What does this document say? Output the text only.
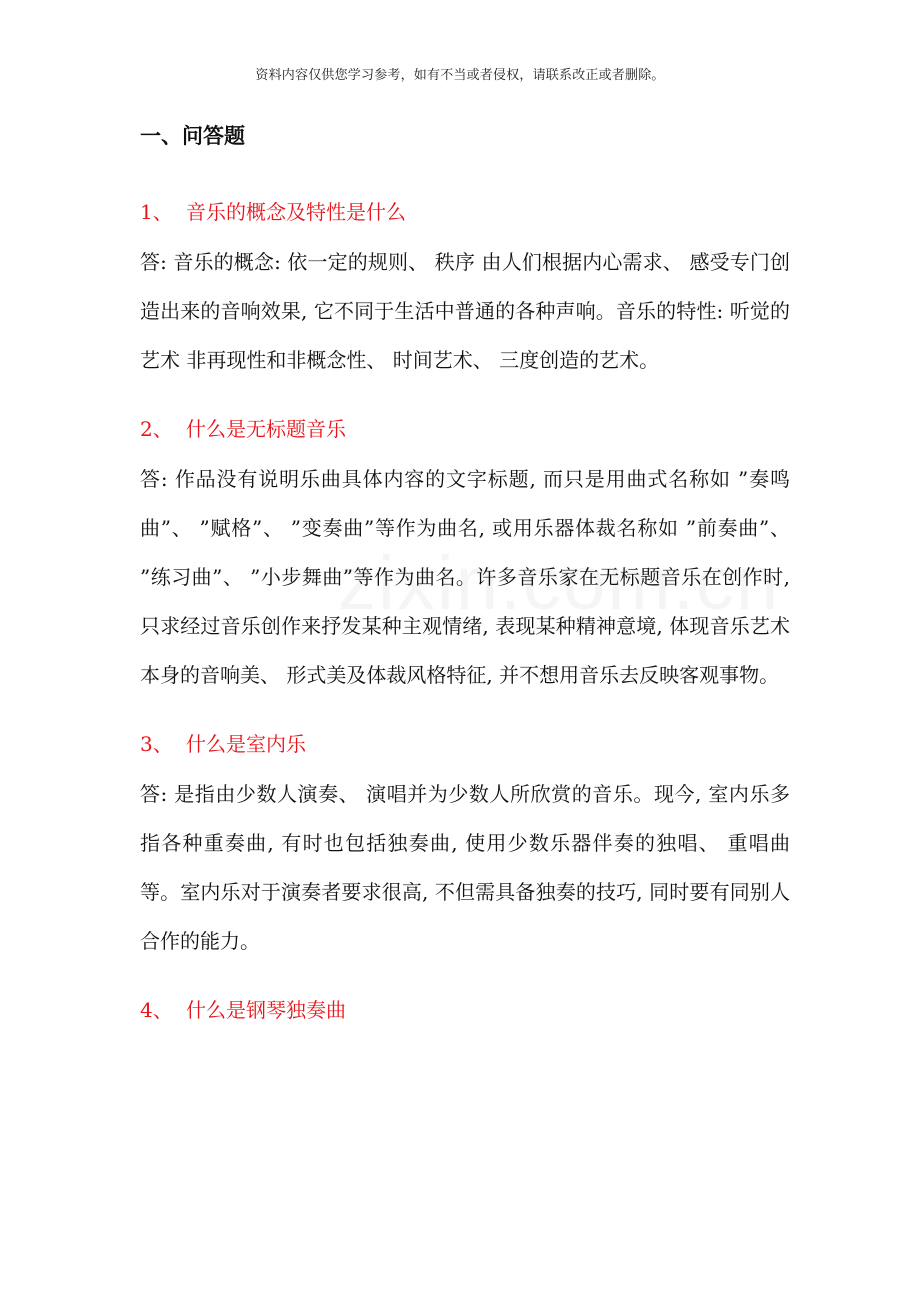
资料内容仅供您学习参考，如有不当或者侵权，请联系改正或者删除。
一、问答题

1、 音乐的概念及特性是什么

答: 音乐的概念: 依一定的规则、 秩序 由人们根据内心需求、 感受专门创造出来的音响效果, 它不同于生活中普通的各种声响。音乐的特性: 听觉的艺术 非再现性和非概念性、 时间艺术、 三度创造的艺术。

2、 什么是无标题音乐

答: 作品没有说明乐曲具体内容的文字标题, 而只是用曲式名称如 ”奏鸣曲”、 ”赋格”、 ”变奏曲”等作为曲名, 或用乐器体裁名称如 ”前奏曲”、 ”练习曲”、 ”小步舞曲”等作为曲名。许多音乐家在无标题音乐在创作时, 只求经过音乐创作来抒发某种主观情绪, 表现某种精神意境, 体现音乐艺术本身的音响美、 形式美及体裁风格特征, 并不想用音乐去反映客观事物。

3、 什么是室内乐

答: 是指由少数人演奏、 演唱并为少数人所欣赏的音乐。现今, 室内乐多指各种重奏曲, 有时也包括独奏曲, 使用少数乐器伴奏的独唱、 重唱曲等。室内乐对于演奏者要求很高, 不但需具备独奏的技巧, 同时要有同别人合作的能力。

4、 什么是钢琴独奏曲
